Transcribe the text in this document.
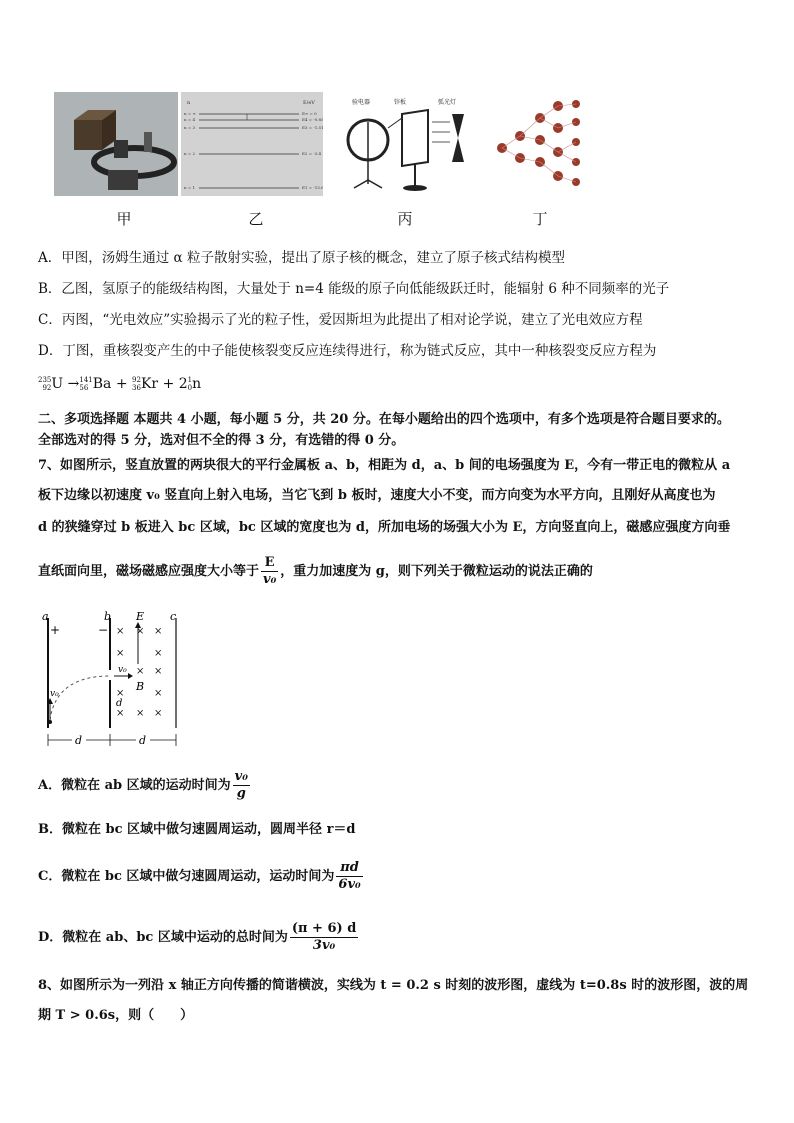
n	E/eV
n = ∞
n = 4
n = 3
n = 2
n = 1
E∞ = 0
E4 = -0.85
E3 = -1.51
E2 = -3.4
E1 = -13.6
验电器	锌板	弧光灯
甲	乙	丙	丁
A．甲图，汤姆生通过 α 粒子散射实验，提出了原子核的概念，建立了原子核式结构模型
B．乙图，氢原子的能级结构图，大量处于 n=4 能级的原子向低能级跃迁时，能辐射 6 种不同频率的光子
C．丙图，“光电效应”实验揭示了光的粒子性，爱因斯坦为此提出了相对论学说，建立了光电效应方程
D．丁图，重核裂变产生的中子能使核裂变反应连续得进行，称为链式反应，其中一种核裂变反应方程为
235
92 U → 141
56 Ba + 92
36 Kr + 2 1
0 n
二、多项选择题 本题共 4 小题，每小题 5 分，共 20 分。在每小题给出的四个选项中，有多个选项是符合题目要求的。
全部选对的得 5 分，选对但不全的得 3 分，有选错的得 0 分。
7、如图所示，竖直放置的两块很大的平行金属板 a、b，相距为 d，a、b 间的电场强度为 E，今有一带正电的微粒从 a
板下边缘以初速度 v₀ 竖直向上射入电场，当它飞到 b 板时，速度大小不变，而方向变为水平方向，且刚好从高度也为
d 的狭缝穿过 b 板进入 bc 区域，bc 区域的宽度也为 d，所加电场的场强大小为 E，方向竖直向上，磁感应强度方向垂
直纸面向里，磁场磁感应强度大小等于 $\frac{E}{\text{v₀}}$ ，重力加速度为 g，则下列关于微粒运动的说法正确的
a	b	c
+	−
E
× × ×
×	×
× ×
×	×
× × ×
B
v₀
d
v₀
d	d
A．微粒在 ab 区域的运动时间为 $\frac{\text{v₀}}{g}$
B．微粒在 bc 区域中做匀速圆周运动，圆周半径 r＝d
C．微粒在 bc 区域中做匀速圆周运动，运动时间为 $\frac{\pi d}{\text{6v₀}}$
D．微粒在 ab、bc 区域中运动的总时间为 $\frac{(\pi + 6) d}{\text{3v₀}}$
8、如图所示为一列沿 x 轴正方向传播的简谐横波，实线为 t = 0.2 s 时刻的波形图，虚线为 t=0.8s 时的波形图，波的周
期 T > 0.6s，则（　　）
